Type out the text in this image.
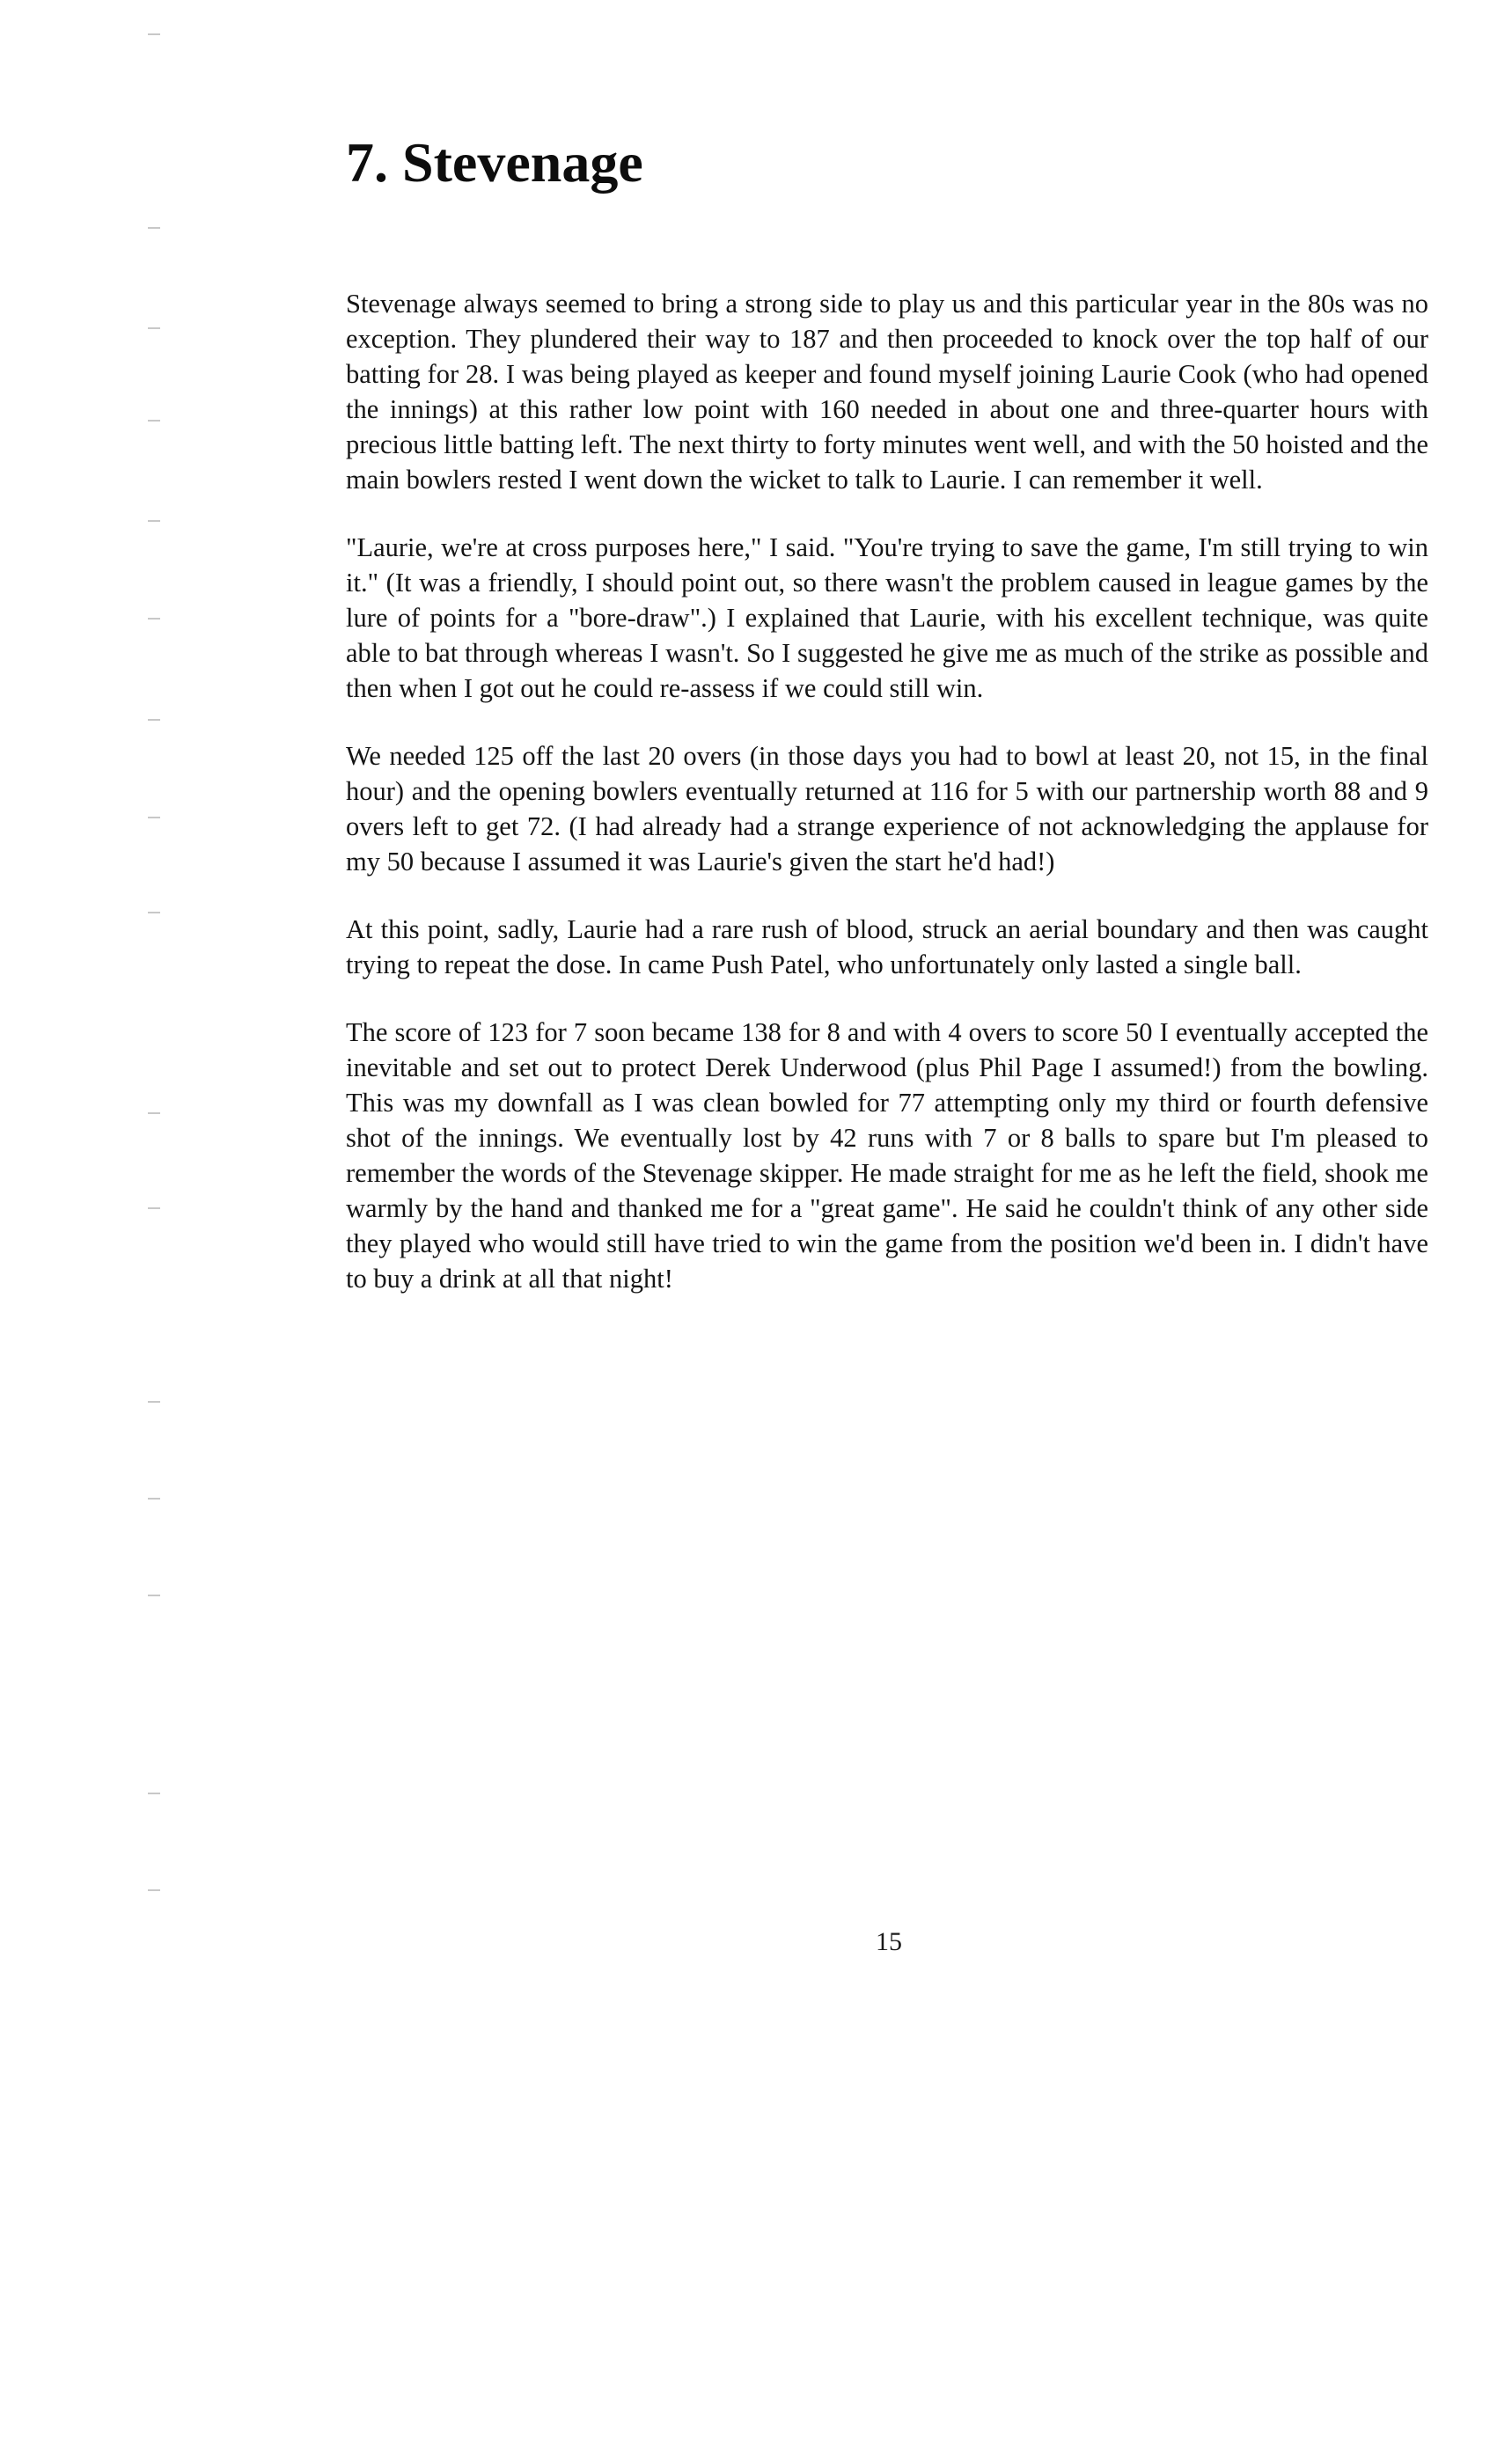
7. Stevenage

Stevenage always seemed to bring a strong side to play us and this particular year in the 80s was no exception. They plundered their way to 187 and then proceeded to knock over the top half of our batting for 28. I was being played as keeper and found myself joining Laurie Cook (who had opened the innings) at this rather low point with 160 needed in about one and three-quarter hours with precious little batting left. The next thirty to forty minutes went well, and with the 50 hoisted and the main bowlers rested I went down the wicket to talk to Laurie. I can remember it well.

"Laurie, we're at cross purposes here," I said. "You're trying to save the game, I'm still trying to win it." (It was a friendly, I should point out, so there wasn't the problem caused in league games by the lure of points for a "bore-draw".) I explained that Laurie, with his excellent technique, was quite able to bat through whereas I wasn't. So I suggested he give me as much of the strike as possible and then when I got out he could re-assess if we could still win.

We needed 125 off the last 20 overs (in those days you had to bowl at least 20, not 15, in the final hour) and the opening bowlers eventually returned at 116 for 5 with our partnership worth 88 and 9 overs left to get 72. (I had already had a strange experience of not acknowledging the applause for my 50 because I assumed it was Laurie's given the start he'd had!)

At this point, sadly, Laurie had a rare rush of blood, struck an aerial boundary and then was caught trying to repeat the dose. In came Push Patel, who unfortunately only lasted a single ball.

The score of 123 for 7 soon became 138 for 8 and with 4 overs to score 50 I eventually accepted the inevitable and set out to protect Derek Underwood (plus Phil Page I assumed!) from the bowling. This was my downfall as I was clean bowled for 77 attempting only my third or fourth defensive shot of the innings. We eventually lost by 42 runs with 7 or 8 balls to spare but I'm pleased to remember the words of the Stevenage skipper. He made straight for me as he left the field, shook me warmly by the hand and thanked me for a "great game". He said he couldn't think of any other side they played who would still have tried to win the game from the position we'd been in. I didn't have to buy a drink at all that night!

15
